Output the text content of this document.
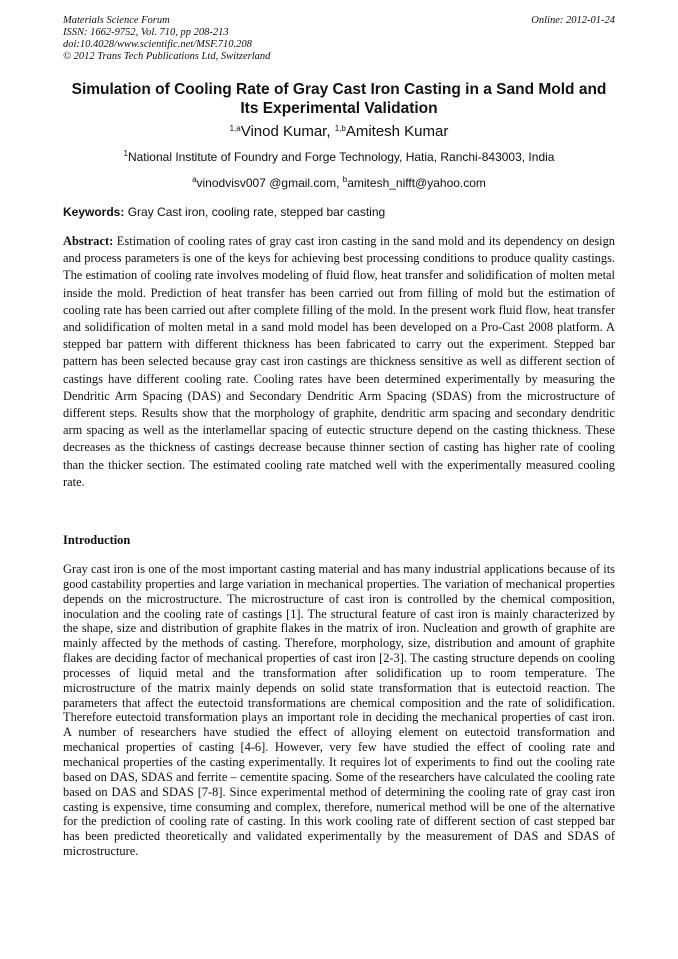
Materials Science Forum
ISSN: 1662-9752, Vol. 710, pp 208-213
doi:10.4028/www.scientific.net/MSF.710.208
© 2012 Trans Tech Publications Ltd, Switzerland
Online: 2012-01-24
Simulation of Cooling Rate of Gray Cast Iron Casting in a Sand Mold and Its Experimental Validation
$^{1,a}$Vinod Kumar, $^{1,b}$Amitesh Kumar
$^1$National Institute of Foundry and Forge Technology, Hatia, Ranchi-843003, India
$^a$vinodvisv007 @gmail.com, $^b$amitesh_nifft@yahoo.com
Keywords: Gray Cast iron, cooling rate, stepped bar casting
Abstract: Estimation of cooling rates of gray cast iron casting in the sand mold and its dependency on design and process parameters is one of the keys for achieving best processing conditions to produce quality castings. The estimation of cooling rate involves modeling of fluid flow, heat transfer and solidification of molten metal inside the mold. Prediction of heat transfer has been carried out from filling of mold but the estimation of cooling rate has been carried out after complete filling of the mold. In the present work fluid flow, heat transfer and solidification of molten metal in a sand mold model has been developed on a Pro-Cast 2008 platform. A stepped bar pattern with different thickness has been fabricated to carry out the experiment. Stepped bar pattern has been selected because gray cast iron castings are thickness sensitive as well as different section of castings have different cooling rate. Cooling rates have been determined experimentally by measuring the Dendritic Arm Spacing (DAS) and Secondary Dendritic Arm Spacing (SDAS) from the microstructure of different steps. Results show that the morphology of graphite, dendritic arm spacing and secondary dendritic arm spacing as well as the interlamellar spacing of eutectic structure depend on the casting thickness. These decreases as the thickness of castings decrease because thinner section of casting has higher rate of cooling than the thicker section. The estimated cooling rate matched well with the experimentally measured cooling rate.
Introduction
Gray cast iron is one of the most important casting material and has many industrial applications because of its good castability properties and large variation in mechanical properties. The variation of mechanical properties depends on the microstructure. The microstructure of cast iron is controlled by the chemical composition, inoculation and the cooling rate of castings [1]. The structural feature of cast iron is mainly characterized by the shape, size and distribution of graphite flakes in the matrix of iron. Nucleation and growth of graphite are mainly affected by the methods of casting. Therefore, morphology, size, distribution and amount of graphite flakes are deciding factor of mechanical properties of cast iron [2-3]. The casting structure depends on cooling processes of liquid metal and the transformation after solidification up to room temperature. The microstructure of the matrix mainly depends on solid state transformation that is eutectoid reaction. The parameters that affect the eutectoid transformations are chemical composition and the rate of solidification. Therefore eutectoid transformation plays an important role in deciding the mechanical properties of cast iron. A number of researchers have studied the effect of alloying element on eutectoid transformation and mechanical properties of casting [4-6]. However, very few have studied the effect of cooling rate and mechanical properties of the casting experimentally. It requires lot of experiments to find out the cooling rate based on DAS, SDAS and ferrite – cementite spacing. Some of the researchers have calculated the cooling rate based on DAS and SDAS [7-8]. Since experimental method of determining the cooling rate of gray cast iron casting is expensive, time consuming and complex, therefore, numerical method will be one of the alternative for the prediction of cooling rate of casting. In this work cooling rate of different section of cast stepped bar has been predicted theoretically and validated experimentally by the measurement of DAS and SDAS of microstructure.
